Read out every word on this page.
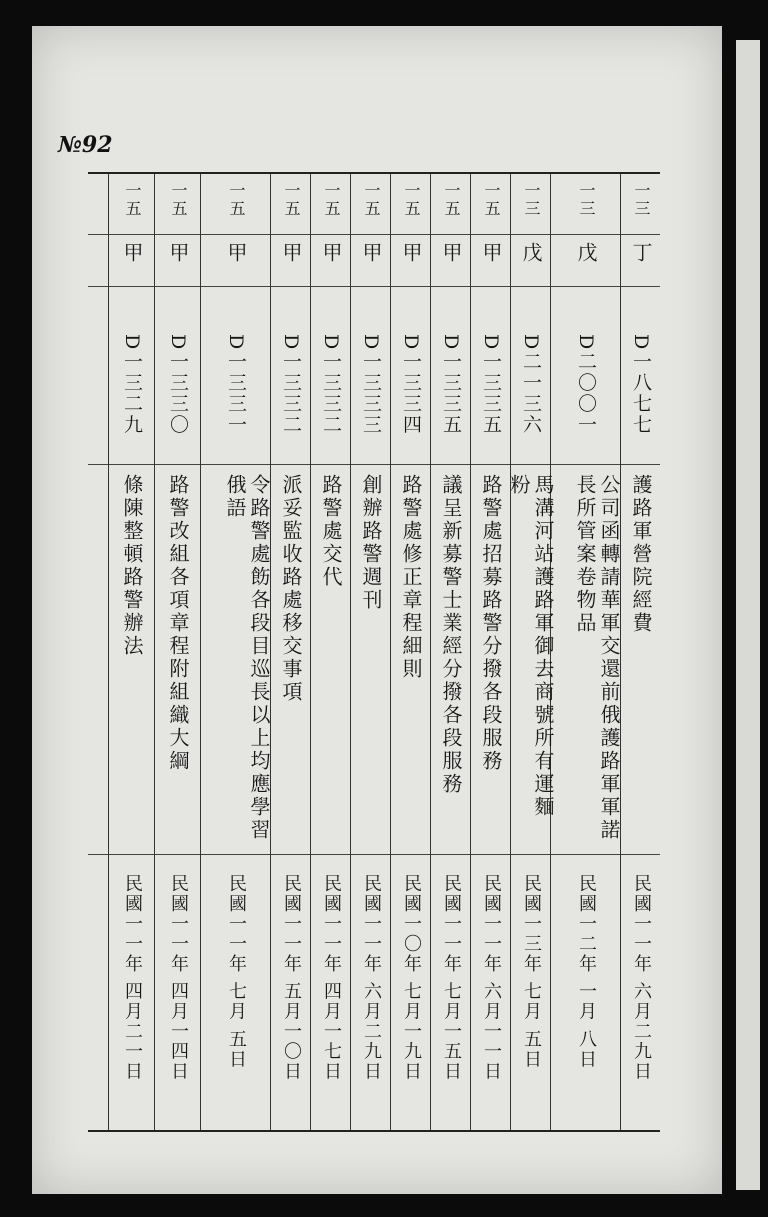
№92
一三
丁
D一八七七
護路軍營院經費
民國一一年 六月二九日
一三
戊
D二〇〇一
公司函轉請華軍交還前俄護路軍軍諾長所管案卷物品
民國一二年 一月 八日
一三
戊
D二一三六
馬溝河站護路軍御去商號所有運麵粉
民國一三年 七月 五日
一五
甲
D一三三五
路警處招募路警分撥各段服務
民國一一年 六月一一日
一五
甲
D一三三五
議呈新募警士業經分撥各段服務
民國一一年 七月一五日
一五
甲
D一三三四
路警處修正章程細則
民國一〇年 七月一九日
一五
甲
D一三三三
創辦路警週刊
民國一一年 六月二九日
一五
甲
D一三三二
路警處交代
民國一一年 四月一七日
一五
甲
D一三三二
派妥監收路處移交事項
民國一一年 五月一〇日
一五
甲
D一三三一
令路警處飭各段目巡長以上均應學習俄語
民國一一年 七月 五日
一五
甲
D一三三〇
路警改組各項章程附組織大綱
民國一一年 四月一四日
一五
甲
D一三二九
條陳整頓路警辦法
民國一一年 四月二一日
